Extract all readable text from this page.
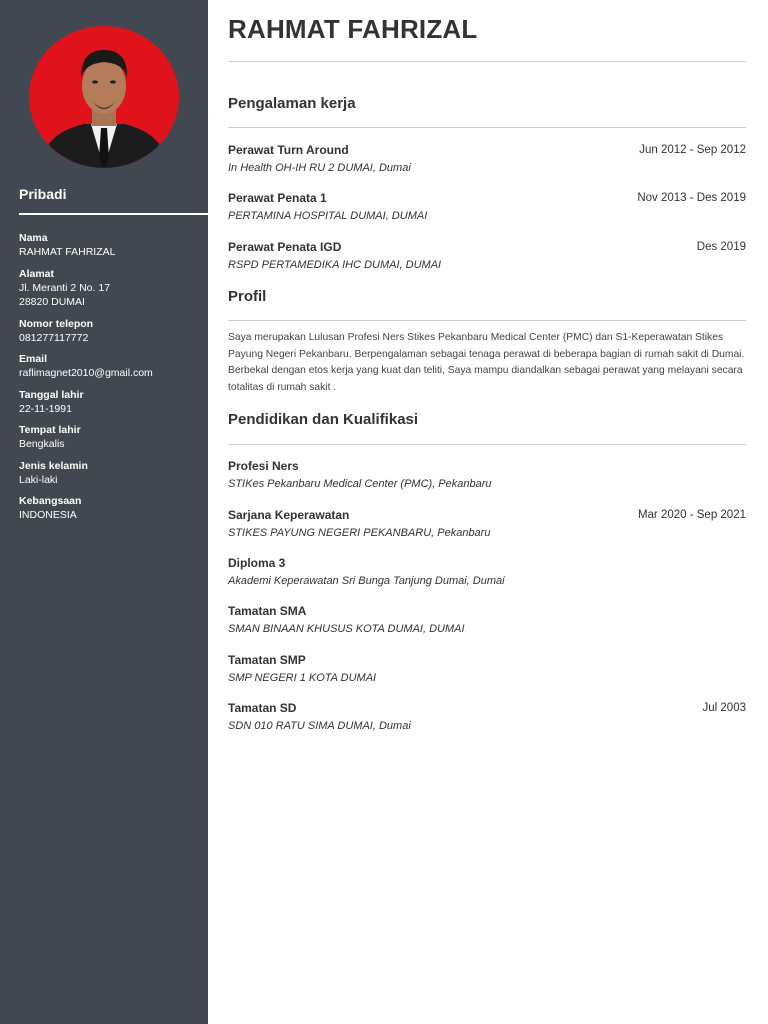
Pribadi
Nama
RAHMAT FAHRIZAL
Alamat
Jl. Meranti 2 No. 17
28820 DUMAI
Nomor telepon
081277117772
Email
raflimagnet2010@gmail.com
Tanggal lahir
22-11-1991
Tempat lahir
Bengkalis
Jenis kelamin
Laki-laki
Kebangsaan
INDONESIA
RAHMAT FAHRIZAL
Pengalaman kerja
Perawat Turn Around	Jun 2012 - Sep 2012
In Health OH-IH RU 2 DUMAI, Dumai
Perawat Penata 1	Nov 2013 - Des 2019
PERTAMINA HOSPITAL DUMAI, DUMAI
Perawat Penata IGD	Des 2019
RSPD PERTAMEDIKA IHC DUMAI, DUMAI
Profil
Saya merupakan Lulusan Profesi Ners Stikes Pekanbaru Medical Center (PMC) dan S1-Keperawatan Stikes Payung Negeri Pekanbaru. Berpengalaman sebagai tenaga perawat di beberapa bagian di rumah sakit di Dumai. Berbekal dengan etos kerja yang kuat dan teliti, Saya mampu diandalkan sebagai perawat yang melayani secara totalitas di rumah sakit .
Pendidikan dan Kualifikasi
Profesi Ners
STIKes Pekanbaru Medical Center (PMC), Pekanbaru
Sarjana Keperawatan	Mar 2020 - Sep 2021
STIKES PAYUNG NEGERI PEKANBARU, Pekanbaru
Diploma 3
Akademi Keperawatan Sri Bunga Tanjung Dumai, Dumai
Tamatan SMA
SMAN BINAAN KHUSUS KOTA DUMAI, DUMAI
Tamatan SMP
SMP NEGERI 1 KOTA DUMAI
Tamatan SD	Jul 2003
SDN 010 RATU SIMA DUMAI, Dumai
